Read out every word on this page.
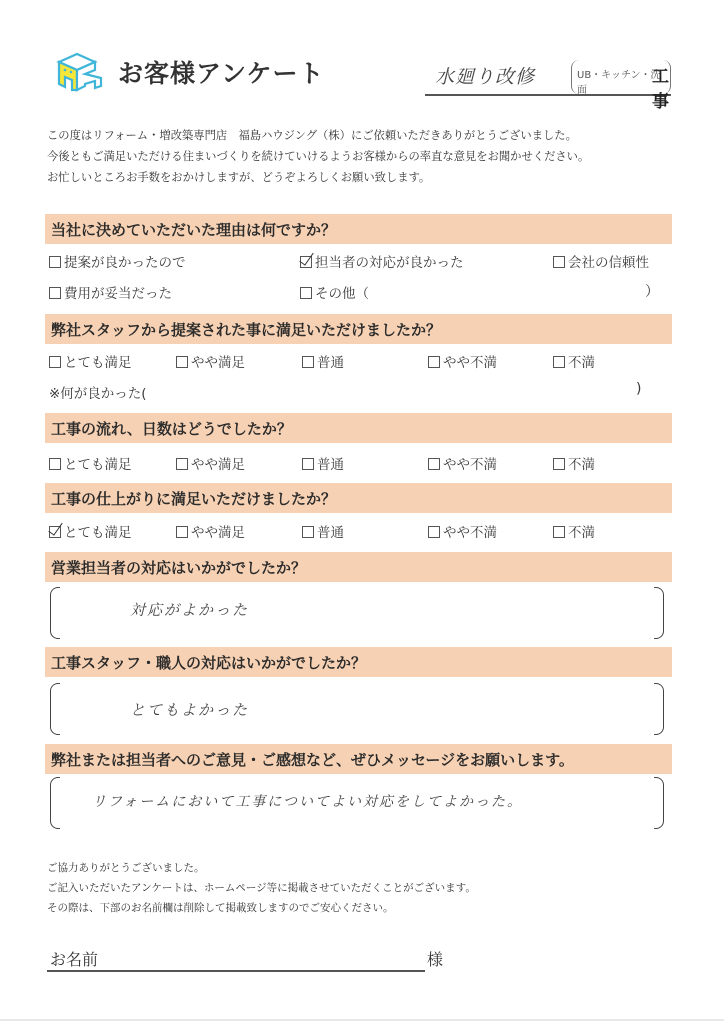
お客様アンケート	水廻り改修	UB・キッチン・洗面
工事
この度はリフォーム・増改築専門店　福島ハウジング（株）にご依頼いただきありがとうございました。
今後ともご満足いただける住まいづくりを続けていけるようお客様からの率直な意見をお聞かせください。
お忙しいところお手数をおかけしますが、どうぞよろしくお願い致します。
当社に決めていただいた理由は何ですか？
提案が良かったので	担当者の対応が良かった	会社の信頼性
費用が妥当だった	その他（	）
弊社スタッフから提案された事に満足いただけましたか？
とても満足	やや満足	普通	やや不満	不満
※何が良かった(	)
工事の流れ、日数はどうでしたか？
とても満足	やや満足	普通	やや不満	不満
工事の仕上がりに満足いただけましたか？
とても満足	やや満足	普通	やや不満	不満
営業担当者の対応はいかがでしたか？
対応がよかった
工事スタッフ・職人の対応はいかがでしたか？
とてもよかった
弊社または担当者へのご意見・ご感想など、ぜひメッセージをお願いします。
リフォームにおいて工事についてよい対応をしてよかった。
ご協力ありがとうございました。
ご記入いただいたアンケートは、ホームページ等に掲載させていただくことがございます。
その際は、下部のお名前欄は削除して掲載致しますのでご安心ください。
お名前	様
